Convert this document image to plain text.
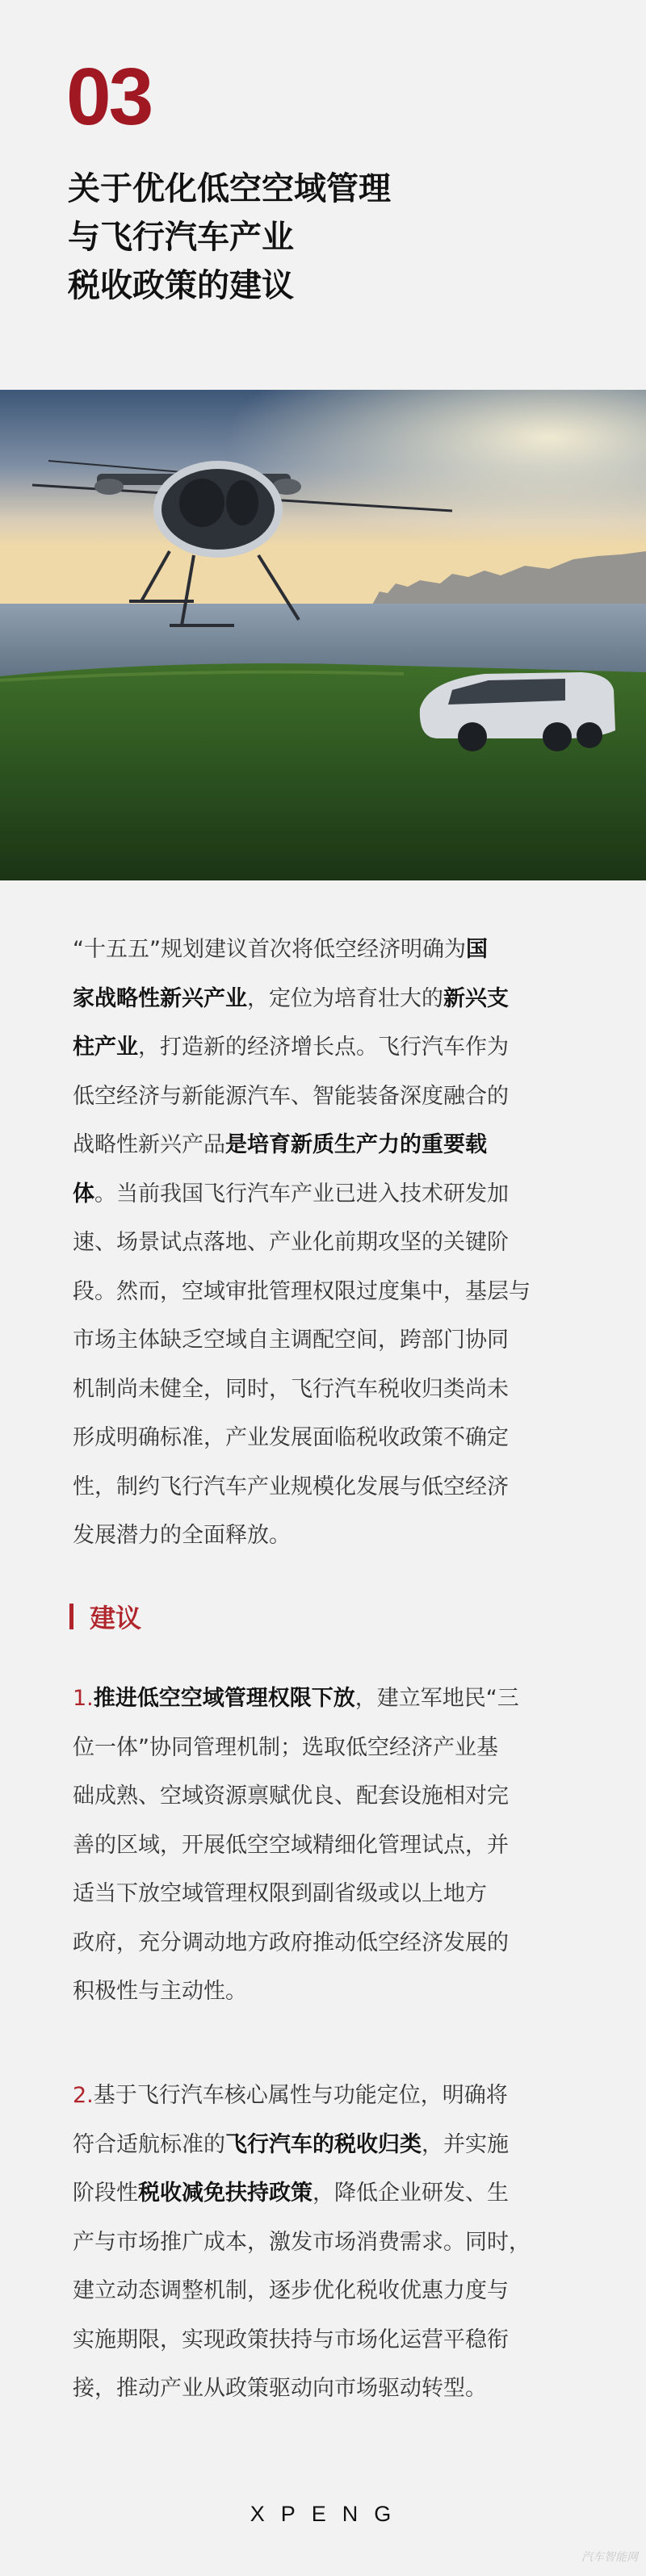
03
关于优化低空空域管理
与飞行汽车产业
税收政策的建议
“十五五”规划建议首次将低空经济明确为国
家战略性新兴产业，定位为培育壮大的新兴支
柱产业，打造新的经济增长点。飞行汽车作为
低空经济与新能源汽车、智能装备深度融合的
战略性新兴产品是培育新质生产力的重要载
体。当前我国飞行汽车产业已进入技术研发加
速、场景试点落地、产业化前期攻坚的关键阶
段。然而，空域审批管理权限过度集中，基层与
市场主体缺乏空域自主调配空间，跨部门协同
机制尚未健全，同时，飞行汽车税收归类尚未
形成明确标准，产业发展面临税收政策不确定
性，制约飞行汽车产业规模化发展与低空经济
发展潜力的全面释放。
建议
1.推进低空空域管理权限下放，建立军地民“三
位一体”协同管理机制；选取低空经济产业基
础成熟、空域资源禀赋优良、配套设施相对完
善的区域，开展低空空域精细化管理试点，并
适当下放空域管理权限到副省级或以上地方
政府，充分调动地方政府推动低空经济发展的
积极性与主动性。
2.基于飞行汽车核心属性与功能定位，明确将
符合适航标准的飞行汽车的税收归类，并实施
阶段性税收减免扶持政策，降低企业研发、生
产与市场推广成本，激发市场消费需求。同时，
建立动态调整机制，逐步优化税收优惠力度与
实施期限，实现政策扶持与市场化运营平稳衔
接，推动产业从政策驱动向市场驱动转型。
XPENG
汽车智能网
